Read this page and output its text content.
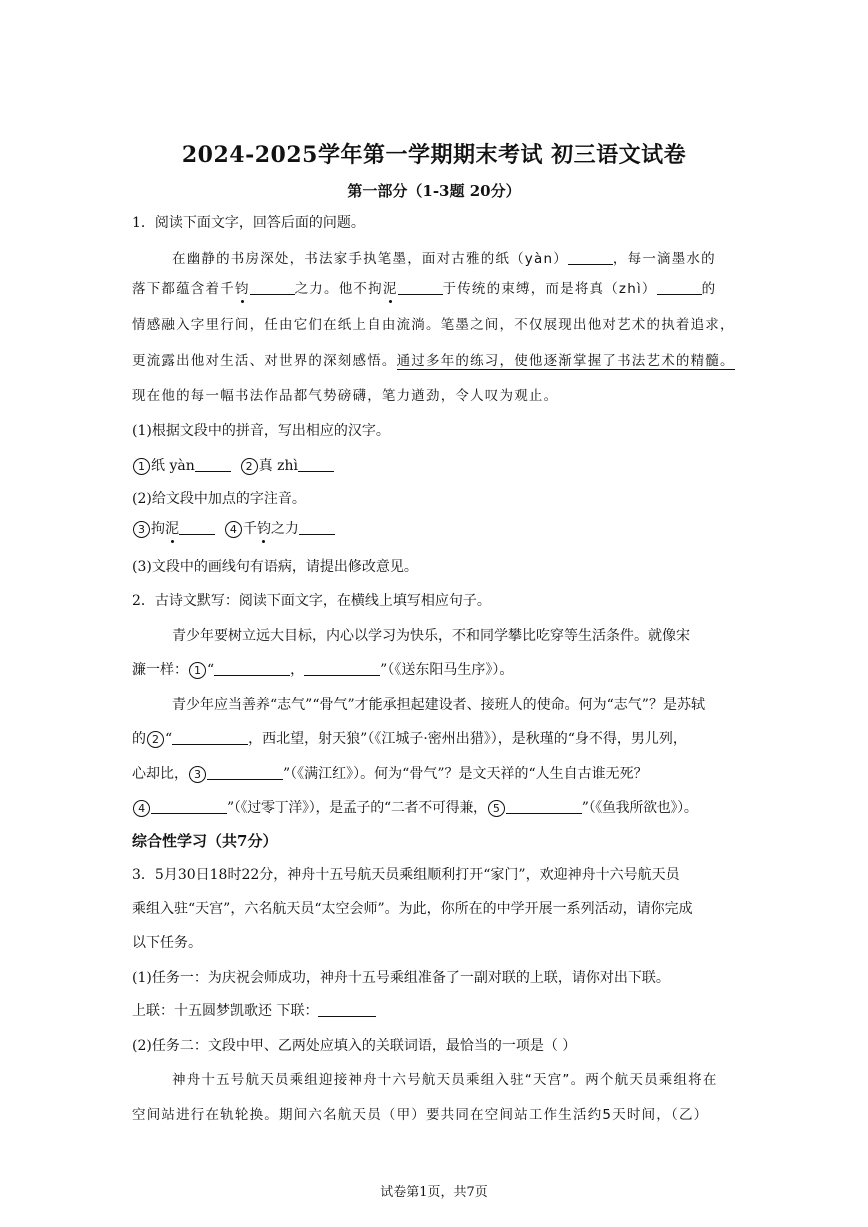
2024-2025学年第一学期期末考试 初三语文试卷
第一部分（1-3题 20分）
1．阅读下面文字，回答后面的问题。
在幽静的书房深处，书法家手执笔墨，面对古雅的纸（yàn）	，每一滴墨水的
落下都蕴含着千钧	之力。他不拘泥	于传统的束缚，而是将真（zhì）	的
情感融入字里行间，任由它们在纸上自由流淌。笔墨之间，不仅展现出他对艺术的执着追求，
更流露出他对生活、对世界的深刻感悟。通过多年的练习，使他逐渐掌握了书法艺术的精髓。
现在他的每一幅书法作品都气势磅礴，笔力遒劲，令人叹为观止。
(1)根据文段中的拼音，写出相应的汉字。
1 纸 yàn	2 真 zhì
(2)给文段中加点的字注音。
3 拘泥	4 千钧之力
(3)文段中的画线句有语病，请提出修改意见。
2．古诗文默写：阅读下面文字，在横线上填写相应句子。
青少年要树立远大目标，内心以学习为快乐，不和同学攀比吃穿等生活条件。就像宋
濂一样： 1 “	，	”（《送东阳马生序》）。
青少年应当善养“志气”“骨气”才能承担起建设者、接班人的使命。何为“志气”？是苏轼
的 2 “	，西北望，射天狼”（《江城子·密州出猎》），是秋瑾的“身不得，男儿列，
心却比， 3	”（《满江红》）。何为“骨气”？是文天祥的“人生自古谁无死？
4	”（《过零丁洋》），是孟子的“二者不可得兼， 5	”（《鱼我所欲也》）。
综合性学习（共7分）
3．5月30日18时22分，神舟十五号航天员乘组顺利打开“家门”，欢迎神舟十六号航天员
乘组入驻“天宫”，六名航天员“太空会师”。为此，你所在的中学开展一系列活动，请你完成
以下任务。
(1)任务一：为庆祝会师成功，神舟十五号乘组准备了一副对联的上联，请你对出下联。
上联：十五圆梦凯歌还 下联：
(2)任务二：文段中甲、乙两处应填入的关联词语，最恰当的一项是（ ）
神舟十五号航天员乘组迎接神舟十六号航天员乘组入驻“天宫”。两个航天员乘组将在
空间站进行在轨轮换。期间六名航天员（甲）要共同在空间站工作生活约5天时间，（乙）
试卷第1页，共7页
